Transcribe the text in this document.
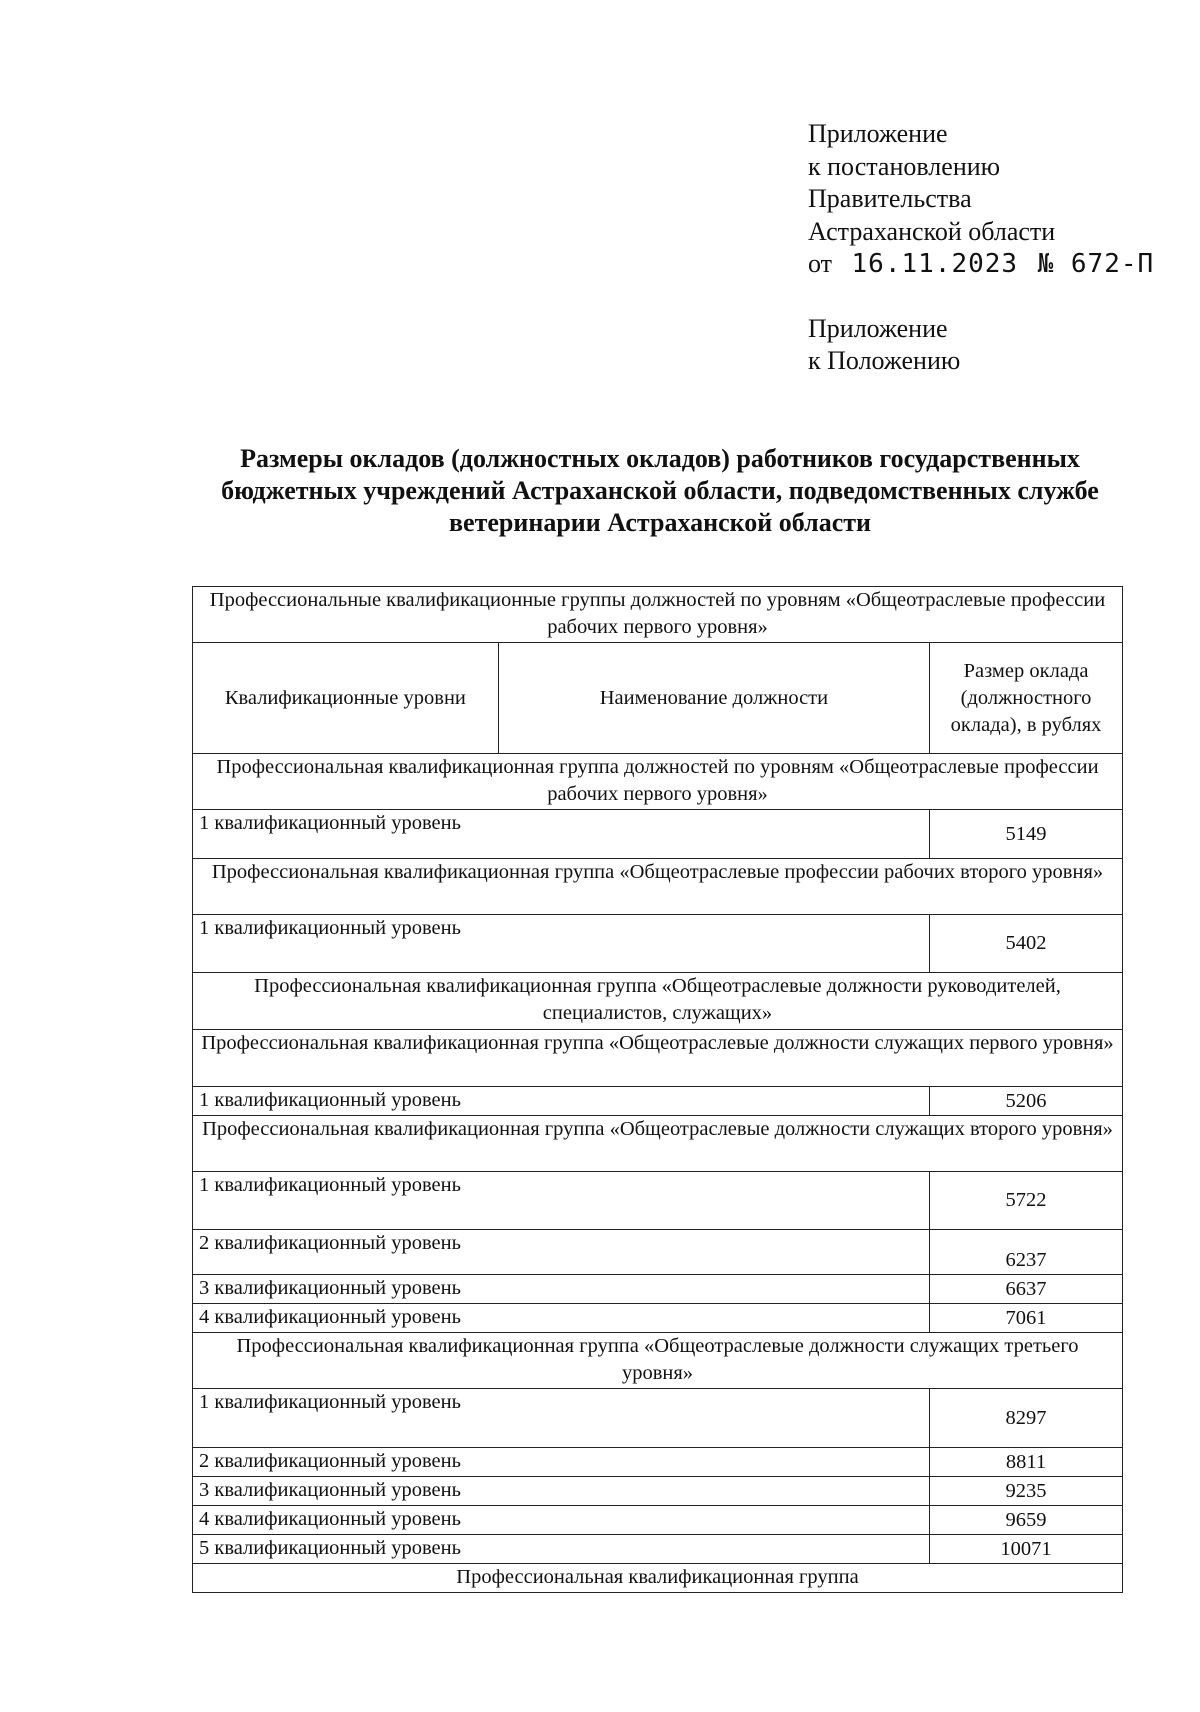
Приложение
к постановлению
Правительства
Астраханской области
от 16.11.2023 № 672-П
Приложение
к Положению
Размеры окладов (должностных окладов) работников государственных бюджетных учреждений Астраханской области, подведомственных службе ветеринарии Астраханской области
Профессиональные квалификационные группы должностей по уровням «Общеотраслевые профессии рабочих первого уровня»		
Квалификационные уровни	Наименование должности	Размер оклада (должностного оклада), в рублях
Профессиональная квалификационная группа должностей по уровням «Общеотраслевые профессии рабочих первого уровня»		
1 квалификационный уровень		5149
Профессиональная квалификационная группа «Общеотраслевые профессии рабочих второго уровня»		
1 квалификационный уровень		5402
Профессиональная квалификационная группа «Общеотраслевые должности руководителей, специалистов, служащих»		
Профессиональная квалификационная группа «Общеотраслевые должности служащих первого уровня»		
1 квалификационный уровень		5206
Профессиональная квалификационная группа «Общеотраслевые должности служащих второго уровня»		
1 квалификационный уровень		5722
2 квалификационный уровень		6237
3 квалификационный уровень		6637
4 квалификационный уровень		7061
Профессиональная квалификационная группа «Общеотраслевые должности служащих третьего уровня»		
1 квалификационный уровень		8297
2 квалификационный уровень		8811
3 квалификационный уровень		9235
4 квалификационный уровень		9659
5 квалификационный уровень		10071
Профессиональная квалификационная группа		
